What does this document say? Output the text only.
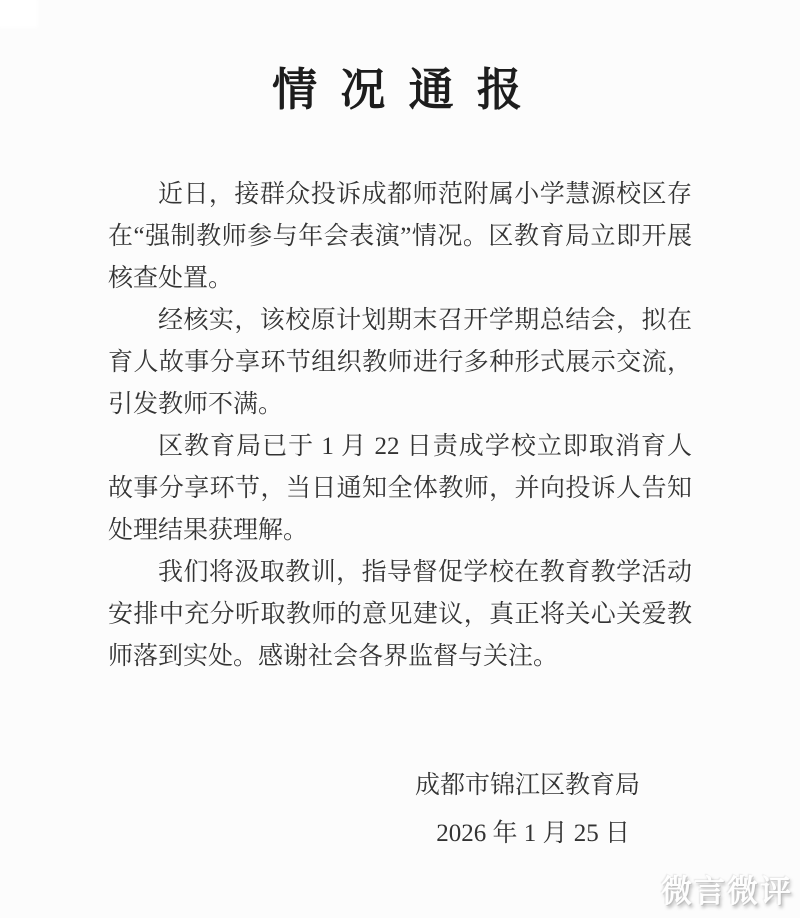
情 况 通 报

近日，接群众投诉成都师范附属小学慧源校区存在“强制教师参与年会表演”情况。区教育局立即开展核查处置。

经核实，该校原计划期末召开学期总结会，拟在育人故事分享环节组织教师进行多种形式展示交流，引发教师不满。

区教育局已于 1 月 22 日责成学校立即取消育人故事分享环节，当日通知全体教师，并向投诉人告知处理结果获理解。

我们将汲取教训，指导督促学校在教育教学活动安排中充分听取教师的意见建议，真正将关心关爱教师落到实处。感谢社会各界监督与关注。

成都市锦江区教育局
2026 年 1 月 25 日
微言微评
